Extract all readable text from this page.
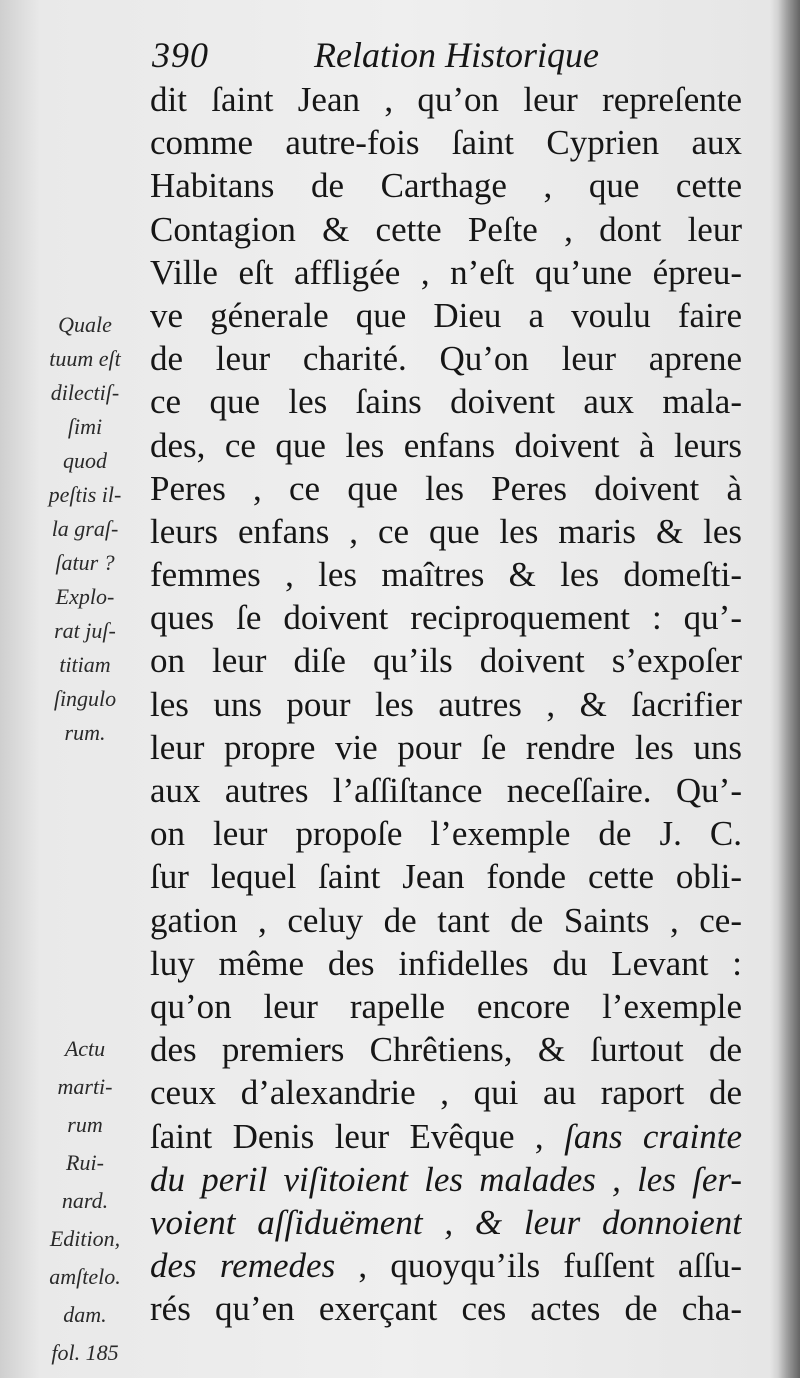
390	Relation Historique
dit ſaint Jean , qu’on leur repreſente
comme autre-fois ſaint Cyprien aux
Habitans de Carthage , que cette
Contagion & cette Peſte , dont leur
Ville eſt affligée , n’eſt qu’une épreu-
ve génerale que Dieu a voulu faire
de leur charité. Qu’on leur aprene
ce que les ſains doivent aux mala-
des, ce que les enfans doivent à leurs
Peres , ce que les Peres doivent à
leurs enfans , ce que les maris & les
femmes , les maîtres & les domeſti-
ques ſe doivent reciproquement : qu’-
on leur diſe qu’ils doivent s’expoſer
les uns pour les autres , & ſacrifier
leur propre vie pour ſe rendre les uns
aux autres l’aſſiſtance neceſſaire. Qu’-
on leur propoſe l’exemple de J. C.
ſur lequel ſaint Jean fonde cette obli-
gation , celuy de tant de Saints , ce-
luy même des infidelles du Levant :
qu’on leur rapelle encore l’exemple
des premiers Chrêtiens, & ſurtout de
ceux d’alexandrie , qui au raport de
ſaint Denis leur Evêque , ſans crainte
du peril viſitoient les malades , les ſer-
voient aſſiduëment , & leur donnoient
des remedes , quoyqu’ils fuſſent aſſu-
rés qu’en exerçant ces actes de cha-
Quale
tuum eſt
dilectiſ-
ſimi
quod
peſtis il-
la graſ-
ſatur ?
Explo-
rat juſ-
titiam
ſingulo
rum.
Actu
marti-
rum
Rui-
nard.
Edition,
amſtelo.
dam.
fol. 185
